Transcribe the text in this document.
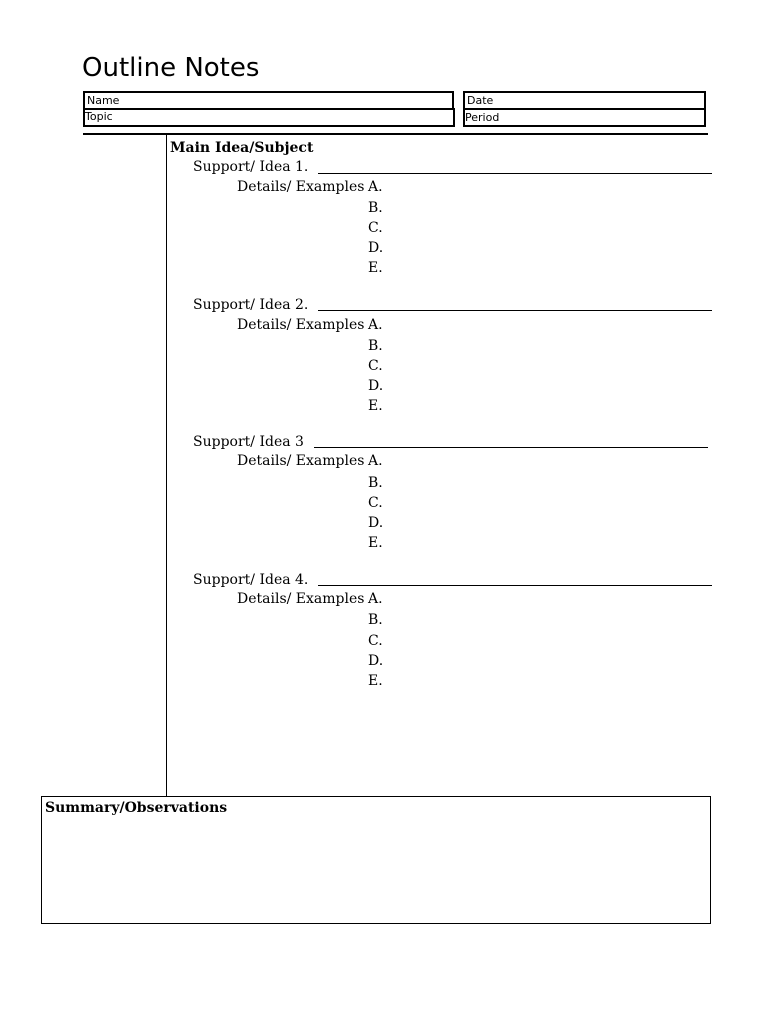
Outline Notes
Name
Topic
Date
Period
Main Idea/Subject
Support/ Idea 1.
Details/ Examples A.
B.
C.
D.
E.
Support/ Idea 2.
Details/ Examples A.
B.
C.
D.
E.
Support/ Idea 3
Details/ Examples A.
B.
C.
D.
E.
Support/ Idea 4.
Details/ Examples A.
B.
C.
D.
E.
Summary/Observations
